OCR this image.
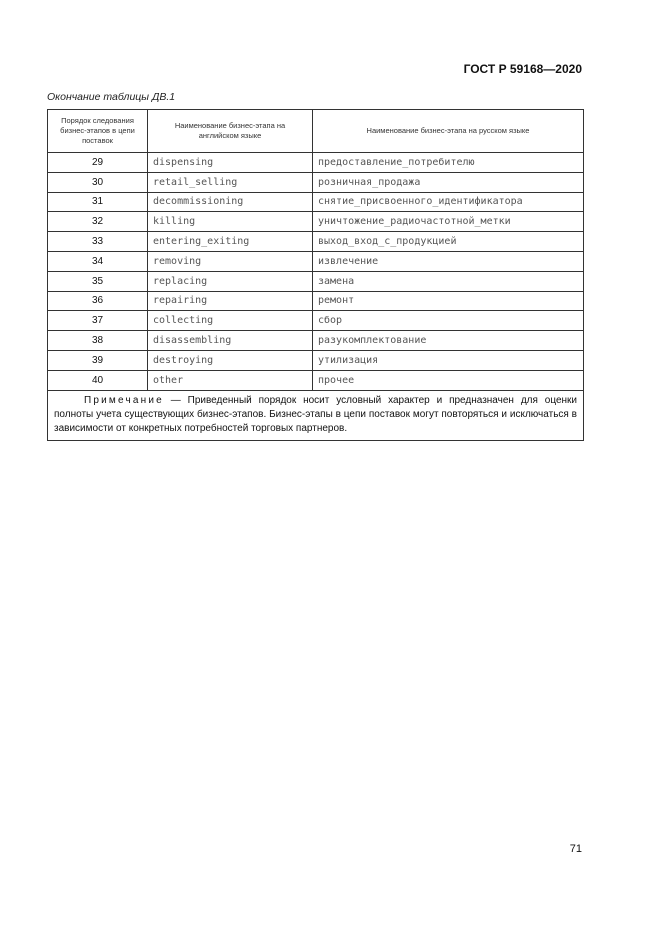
ГОСТ Р 59168—2020
Окончание таблицы ДВ.1
Порядок следования бизнес-этапов в цепи поставок	Наименование бизнес-этапа на английском языке	Наименование бизнес-этапа на русском языке
29	dispensing	предоставление_потребителю
30	retail_selling	розничная_продажа
31	decommissioning	снятие_присвоенного_идентификатора
32	killing	уничтожение_радиочастотной_метки
33	entering_exiting	выход_вход_с_продукцией
34	removing	извлечение
35	replacing	замена
36	repairing	ремонт
37	collecting	сбор
38	disassembling	разукомплектование
39	destroying	утилизация
40	other	прочее
Примечание — Приведенный порядок носит условный характер и предназначен для оценки полноты учета существующих бизнес-этапов. Бизнес-этапы в цепи поставок могут повторяться и исключаться в зависимости от конкретных потребностей торговых партнеров.		
71
